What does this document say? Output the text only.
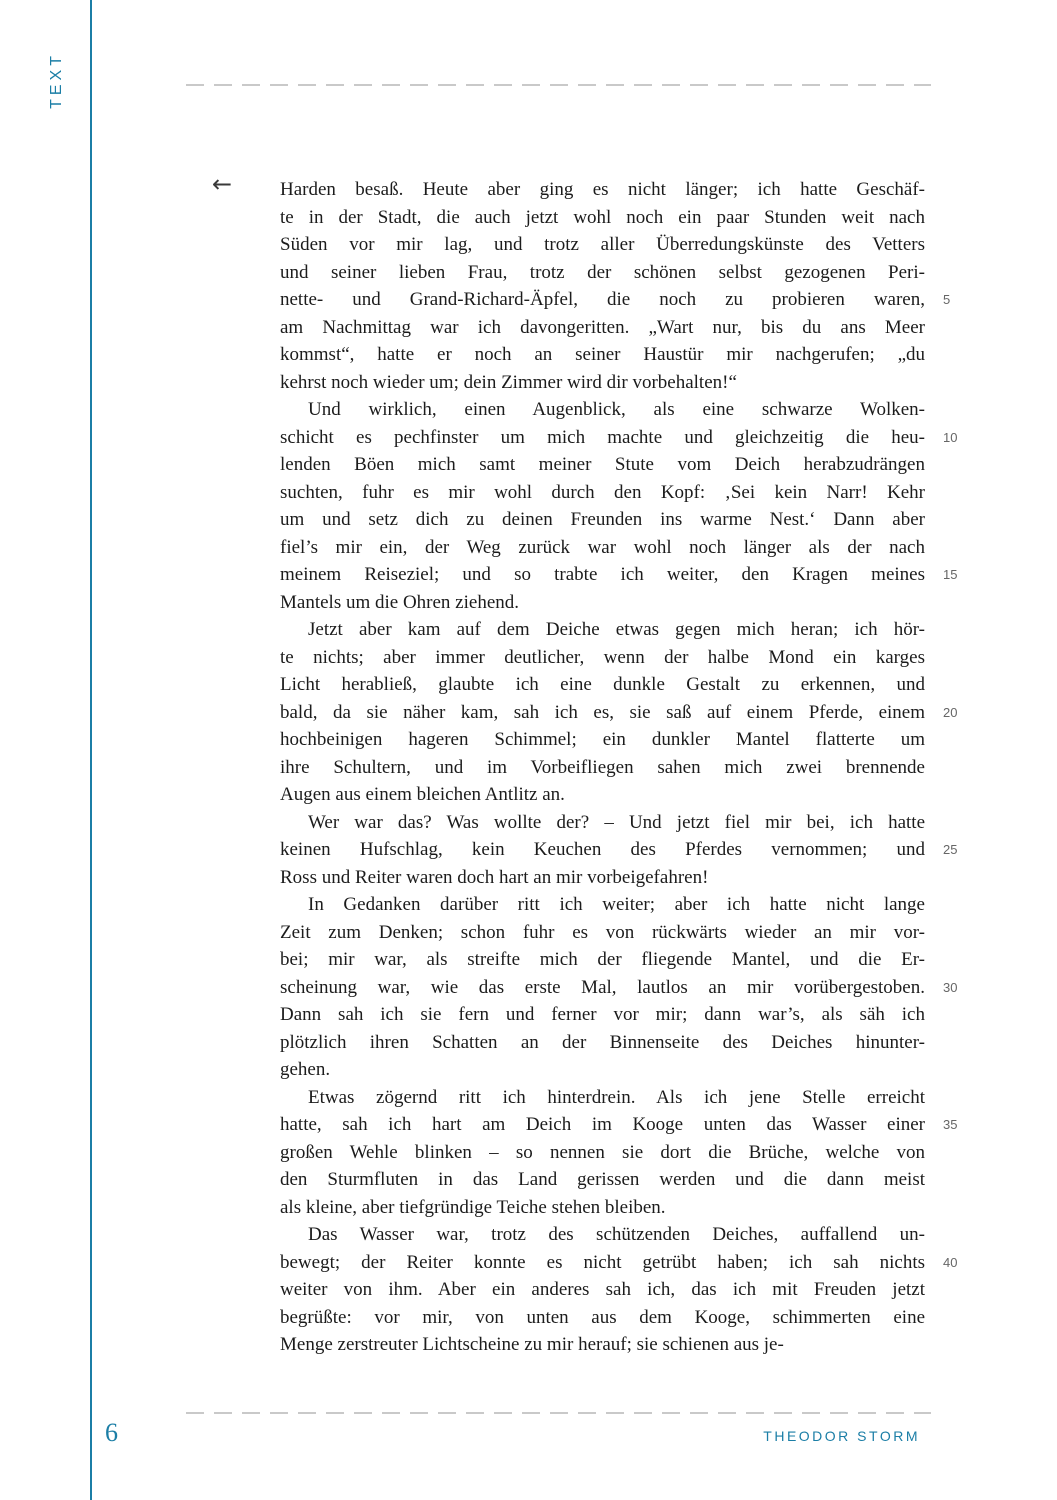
TEXT
←	Harden besaß. Heute aber ging es nicht länger; ich hatte Geschäf-
te in der Stadt, die auch jetzt wohl noch ein paar Stunden weit nach
Süden vor mir lag, und trotz aller Überredungskünste des Vetters
und seiner lieben Frau, trotz der schönen selbst gezogenen Peri-
nette- und Grand-Richard-Äpfel, die noch zu probieren waren,
am Nachmittag war ich davongeritten. „Wart nur, bis du ans Meer
kommst“, hatte er noch an seiner Haustür mir nachgerufen; „du
kehrst noch wieder um; dein Zimmer wird dir vorbehalten!“
Und wirklich, einen Augenblick, als eine schwarze Wolken-
schicht es pechfinster um mich machte und gleichzeitig die heu-
lenden Böen mich samt meiner Stute vom Deich herabzudrängen
suchten, fuhr es mir wohl durch den Kopf: ‚Sei kein Narr! Kehr
um und setz dich zu deinen Freunden ins warme Nest.‘ Dann aber
fiel’s mir ein, der Weg zurück war wohl noch länger als der nach
meinem Reiseziel; und so trabte ich weiter, den Kragen meines
Mantels um die Ohren ziehend.
Jetzt aber kam auf dem Deiche etwas gegen mich heran; ich hör-
te nichts; aber immer deutlicher, wenn der halbe Mond ein karges
Licht herabließ, glaubte ich eine dunkle Gestalt zu erkennen, und
bald, da sie näher kam, sah ich es, sie saß auf einem Pferde, einem
hochbeinigen hageren Schimmel; ein dunkler Mantel flatterte um
ihre Schultern, und im Vorbeifliegen sahen mich zwei brennende
Augen aus einem bleichen Antlitz an.
Wer war das? Was wollte der? – Und jetzt fiel mir bei, ich hatte
keinen Hufschlag, kein Keuchen des Pferdes vernommen; und
Ross und Reiter waren doch hart an mir vorbeigefahren!
In Gedanken darüber ritt ich weiter; aber ich hatte nicht lange
Zeit zum Denken; schon fuhr es von rückwärts wieder an mir vor-
bei; mir war, als streifte mich der fliegende Mantel, und die Er-
scheinung war, wie das erste Mal, lautlos an mir vorübergestoben.
Dann sah ich sie fern und ferner vor mir; dann war’s, als säh ich
plötzlich ihren Schatten an der Binnenseite des Deiches hinunter-
gehen.
Etwas zögernd ritt ich hinterdrein. Als ich jene Stelle erreicht
hatte, sah ich hart am Deich im Kooge unten das Wasser einer
großen Wehle blinken – so nennen sie dort die Brüche, welche von
den Sturmfluten in das Land gerissen werden und die dann meist
als kleine, aber tiefgründige Teiche stehen bleiben.
Das Wasser war, trotz des schützenden Deiches, auffallend un-
bewegt; der Reiter konnte es nicht getrübt haben; ich sah nichts
weiter von ihm. Aber ein anderes sah ich, das ich mit Freuden jetzt
begrüßte: vor mir, von unten aus dem Kooge, schimmerten eine
Menge zerstreuter Lichtscheine zu mir herauf; sie schienen aus je-
5
10
15
20
25
30
35
40
6	THEODOR STORM
